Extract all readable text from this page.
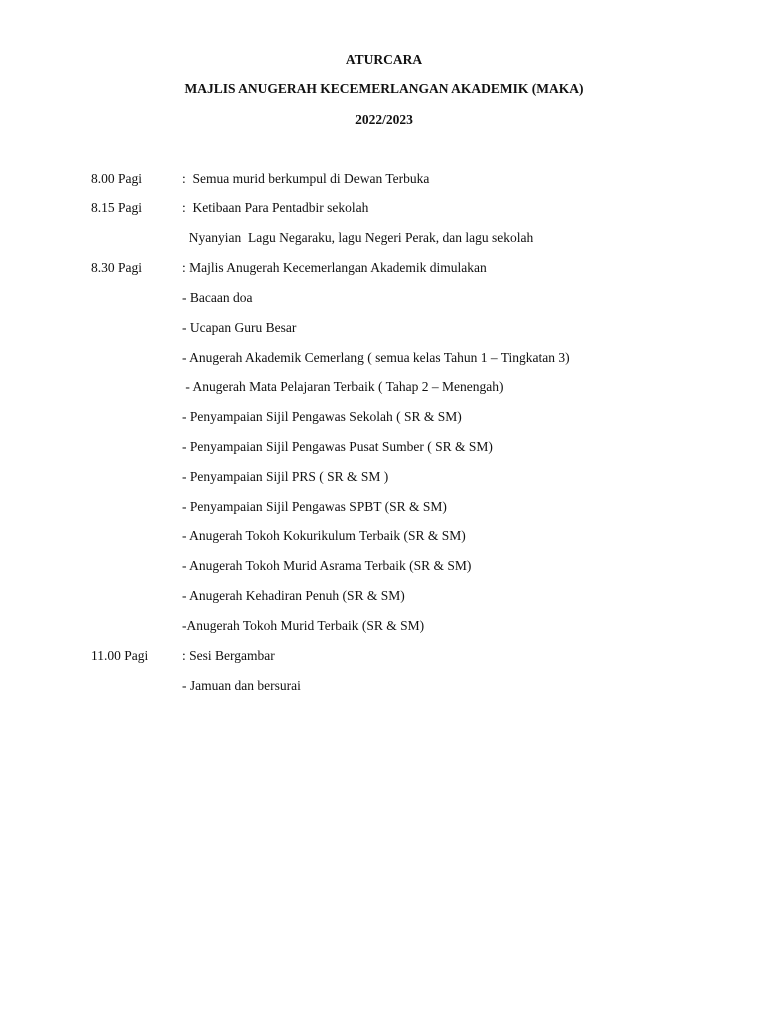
ATURCARA
MAJLIS ANUGERAH KECEMERLANGAN AKADEMIK (MAKA)
2022/2023
8.00 Pagi	:  Semua murid berkumpul di Dewan Terbuka
8.15 Pagi	:  Ketibaan Para Pentadbir sekolah
Nyanyian  Lagu Negaraku, lagu Negeri Perak, dan lagu sekolah
8.30 Pagi	: Majlis Anugerah Kecemerlangan Akademik dimulakan
- Bacaan doa
- Ucapan Guru Besar
- Anugerah Akademik Cemerlang ( semua kelas Tahun 1 – Tingkatan 3)
- Anugerah Mata Pelajaran Terbaik ( Tahap 2 – Menengah)
- Penyampaian Sijil Pengawas Sekolah ( SR & SM)
- Penyampaian Sijil Pengawas Pusat Sumber ( SR & SM)
- Penyampaian Sijil PRS ( SR & SM )
- Penyampaian Sijil Pengawas SPBT (SR & SM)
- Anugerah Tokoh Kokurikulum Terbaik (SR & SM)
- Anugerah Tokoh Murid Asrama Terbaik (SR & SM)
- Anugerah Kehadiran Penuh (SR & SM)
-Anugerah Tokoh Murid Terbaik (SR & SM)
11.00 Pagi	: Sesi Bergambar
- Jamuan dan bersurai
